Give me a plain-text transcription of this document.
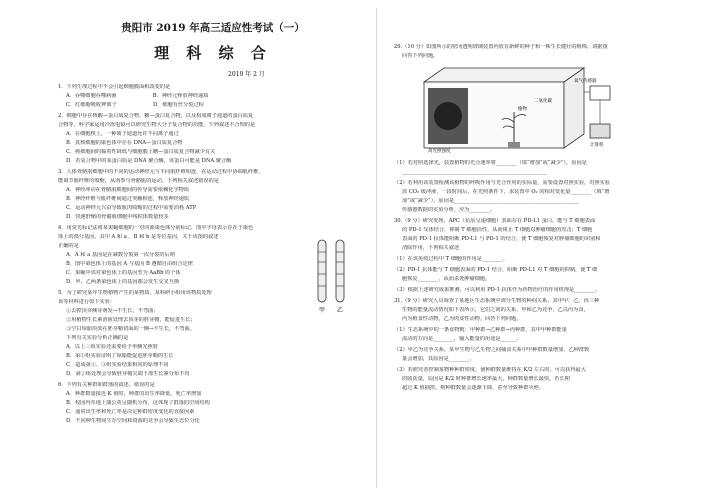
贵阳市 2019 年高三适应性考试（一）
理 科 综 合
2019 年 2 月
1．下列生理过程中不会引起细胞膜面积改变的是
A．吞噬细胞吞噬病菌　　　　　　　B．神经元释放神经递质
C．红细胞吸收钾离子　　　　　　　D．细胞有丝分裂过程
2．细胞中存在核酸—蛋白质复合物、糖—蛋白复合物，以及构成离子通道的蛋白质复
合物等。科学家运用冷冻电镜可以研究生物大分子复合物的功能。下列叙述不合理的是
A．在细胞核上，一种离子通道允许不同离子通过
B．真核细胞的染色体中存在 DNA—蛋白质复合物
C．癌细胞间的黏着性降低与细胞膜上糖—蛋白质复合物减少有关
D．若复合物中的某蛋白质是 DNA 聚合酶，该蛋白可能是 DNA 聚合酶
3．人体骨骼肌细胞中的不同的运动神经元与不同肌纤维相连，在运动过程中协调肌纤维、
能调节肌纤维的收缩，从而参与骨骼肌的运动。下列相关叙述错误的是
A．神经冲动在骨骼肌细胞间的传导需要依赖化学物质
B．神经纤维与肌纤维间通过突触相连，释放神经递质
C．运动神经元兴奋导致肌肉收缩的过程中需要消耗 ATP
D．快速舒缩的骨骼肌细胞中线粒体数量较多
4．用荧光标记法将某果蝇细胞的一对同源染色体分别标记，图中字母表示存在于染色
体上的部分基因，其中 A 和 a 、B 和 b 是等位基因，关于该图的叙述
正确的是
A．A 和 a 基因是在减数分裂第一次分裂的后期
B．图中染色体上的基因 A 与基因 B 遵循自由组合定律
C．果蝇中该对染色体上的基因型为 AaBb 的个体
D．甲、乙两条染色体上的基因都会发生交叉互换
甲 乙
5．为了研究某年生物植物产生的某物质，某科研小组用该物质处理
该等材料进行如下实验：
①去掉顶芽侧芽萌发→不生长，不弯曲；
②用植物生长素溶液处理去顶芽的胚芽鞘，能促进生长；
③空白琼脂块放在胚芽鞘切面的一侧→不生长，不弯曲。
下列有关实验分析正确的是
A．以上三组实验还需要给予单侧光照射
B．第①组实验证明了琼脂能促进胚芽鞘的生长
C．造成第①、③组实验结果相同的原理不同
D．第②组处理会导致胚芽鞘尖端下部生长素分布不均
6．下列有关种群和群落的叙述，错误的是
A．种群数量接近 K 值时，种群的出生率降低，死亡率增加
B．校园内草地上蒲公英呈随机分布，这体现了群落的空间结构
C．通常出生率和死亡率是决定种群密度变化的直接因素
D．不同种生物间生存空间和资源的竞争会导致生态位分化

29.（10 分）如图所示的密闭透明玻璃装置内放有新鲜的种子和一株生长健壮的植株，请据图
回答下列问题。
高光照强度
二氧化碳
计算机
氧气传感器
植物
（1）若对照选择光，装置植物的光合速率将________（填“增加”或“减少”），原因是
________________________________________________________
（2）若利用该装置检测该植物的呼吸作用与光合作用的实际量，需要设置对照实验，对照实验
放 CO₂ 缓冲液，一段时间后，在光照条件下，求装置中 O₂ 的相对变化量________（填“增
加”或“减少”），原因是________________________________________________
传感器数据的实验分析，应为________。
30.（9 分）研究发现，APC（抗原呈递细胞）表面存在 PD-L1 蛋白，能与 T 细胞表面
的 PD-1 受体结合，抑制 T 细胞活性，从而阻止 T 细胞对肿瘤细胞的攻击；T 细胞
表面的 PD-1 抗体能阻断 PD-L1 与 PD-1 的结合，使 T 细胞恢复对肿瘤细胞的识别和
清除作用，下列相关叙述
（1）在该免疫过程中 T 细胞的作用是________。
（2）PD-1 抗体能与 T 细胞表面的 PD-1 结合，阻断 PD-L1 对 T 细胞的抑制，使 T 细
胞恢复________，从而杀死肿瘤细胞。
（3）根据上述研究成果推测，可以利用 PD-1 抗体作为药物治疗的作用机理是________。
31.（9 分）研究人员调查了某地区生态系统中部分生物的种间关系，其中甲、乙、丙三种
生物的能量流动情况如下表所示，它们之间的关系，甲和乙为竞争，乙以丙为食，
丙为植食性动物，乙为肉食性动物。回答下列问题。
（1）生态系统中的一条食物链：甲种群→乙种群→丙种群，其中甲种群能量
流动的方向是________，输入能量的用途是______。
（2）甲乙为竞争关系，某甲生物与乙生物之间捕食关系中甲种群数量增加，乙种群数
量会增加，其原因是________。
（3）若研究者控制某物种种群密度，使种群数量维持在 K/2 左右时，可以获得最大
的收获量，原因是 K/2 时种群增长速率最大，种群数量增长最快。若长期
超过 K 值捕捞，则种群数量会逐渐下降，甚至导致种群灭绝。
